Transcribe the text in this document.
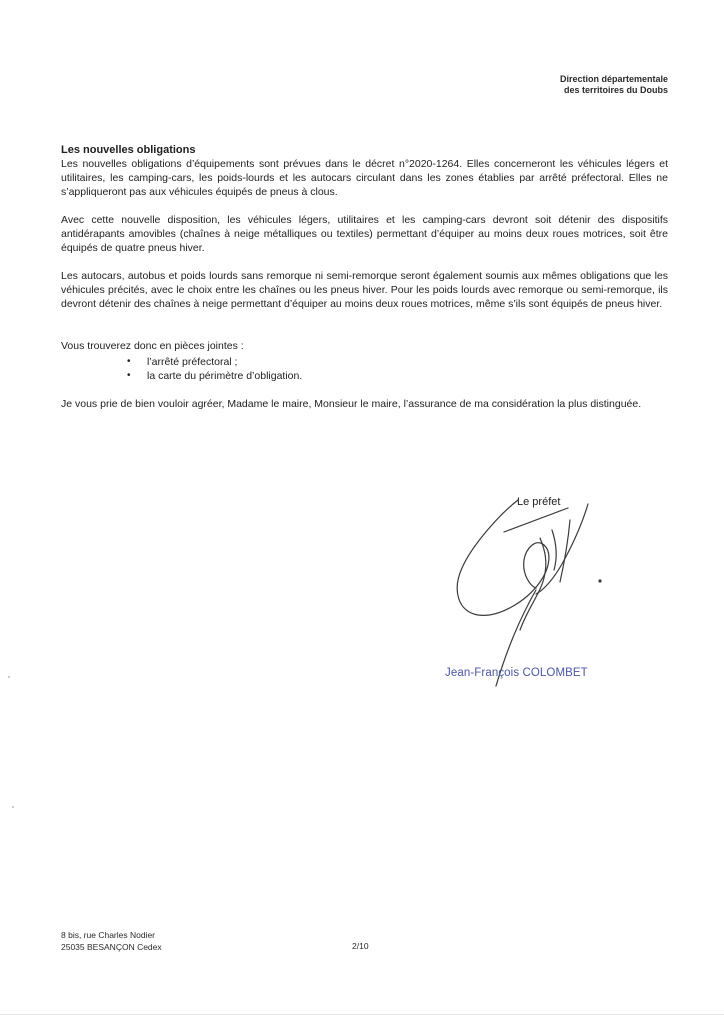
Direction départementale
des territoires du Doubs
Les nouvelles obligations

Les nouvelles obligations d’équipements sont prévues dans le décret n°2020-1264. Elles concerneront les véhicules légers et utilitaires, les camping-cars, les poids-lourds et les autocars circulant dans les zones établies par arrêté préfectoral. Elles ne s’appliqueront pas aux véhicules équipés de pneus à clous.

Avec cette nouvelle disposition, les véhicules légers, utilitaires et les camping-cars devront soit détenir des dispositifs antidérapants amovibles (chaînes à neige métalliques ou textiles) permettant d’équiper au moins deux roues motrices, soit être équipés de quatre pneus hiver.

Les autocars, autobus et poids lourds sans remorque ni semi-remorque seront également soumis aux mêmes obligations que les véhicules précités, avec le choix entre les chaînes ou les pneus hiver. Pour les poids lourds avec remorque ou semi-remorque, ils devront détenir des chaînes à neige permettant d’équiper au moins deux roues motrices, même s’ils sont équipés de pneus hiver.

Vous trouverez donc en pièces jointes :

• l’arrêté préfectoral ;
• la carte du périmètre d’obligation.

Je vous prie de bien vouloir agréer, Madame le maire, Monsieur le maire, l’assurance de ma considération la plus distinguée.

Le préfet
Jean-François COLOMBET
8 bis, rue Charles Nodier
25035 BESANÇON Cedex	2/10
